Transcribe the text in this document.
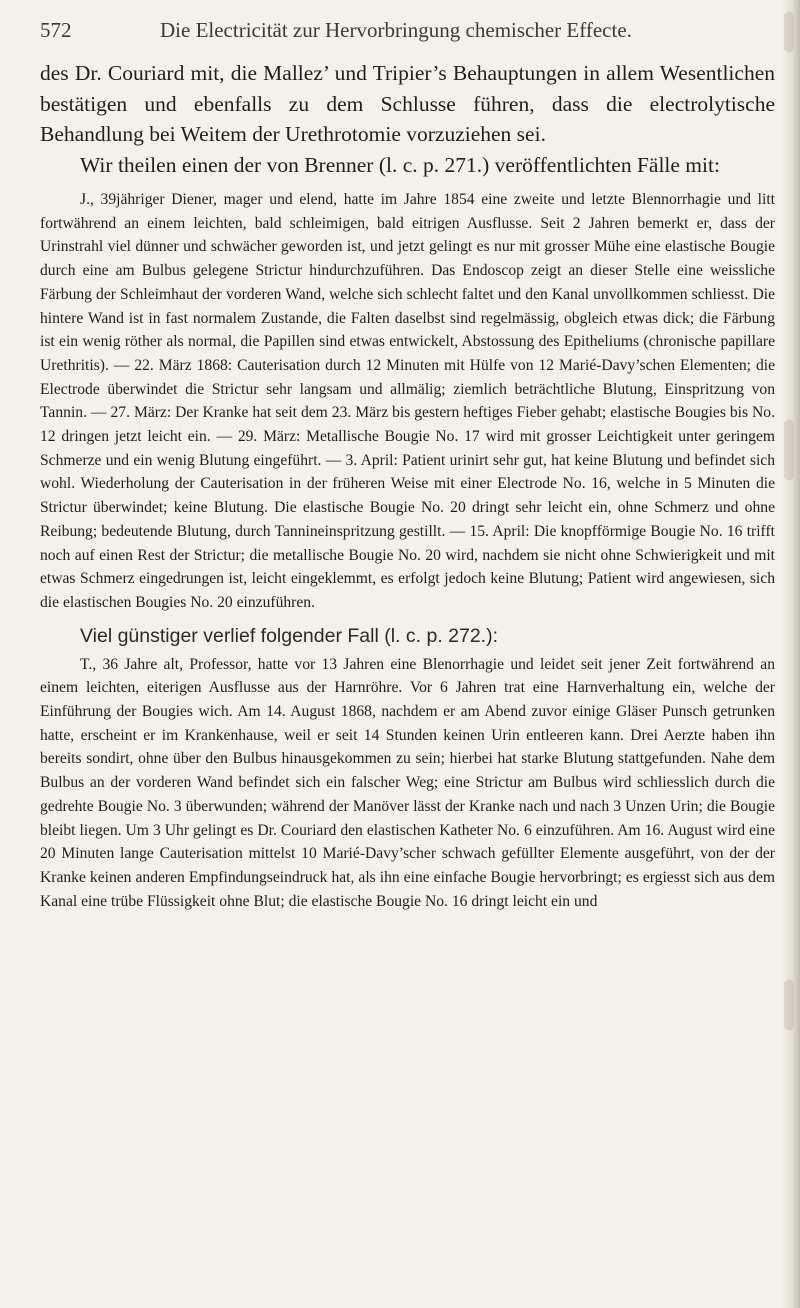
572	Die Electricität zur Hervorbringung chemischer Effecte.

des Dr. Couriard mit, die Mallez’ und Tripier’s Behauptungen in allem Wesentlichen bestätigen und ebenfalls zu dem Schlusse führen, dass die electrolytische Behandlung bei Weitem der Urethrotomie vorzuziehen sei.

Wir theilen einen der von Brenner (l. c. p. 271.) veröffentlichten Fälle mit:

J., 39jähriger Diener, mager und elend, hatte im Jahre 1854 eine zweite und letzte Blennorrhagie und litt fortwährend an einem leichten, bald schleimigen, bald eitrigen Ausflusse. Seit 2 Jahren bemerkt er, dass der Urinstrahl viel dünner und schwächer geworden ist, und jetzt gelingt es nur mit grosser Mühe eine elastische Bougie durch eine am Bulbus gelegene Strictur hindurchzuführen. Das Endoscop zeigt an dieser Stelle eine weissliche Färbung der Schleimhaut der vorderen Wand, welche sich schlecht faltet und den Kanal unvollkommen schliesst. Die hintere Wand ist in fast normalem Zustande, die Falten daselbst sind regelmässig, obgleich etwas dick; die Färbung ist ein wenig röther als normal, die Papillen sind etwas entwickelt, Abstossung des Epitheliums (chronische papillare Urethritis). — 22. März 1868: Cauterisation durch 12 Minuten mit Hülfe von 12 Marié-Davy’schen Elementen; die Electrode überwindet die Strictur sehr langsam und allmälig; ziemlich beträchtliche Blutung, Einspritzung von Tannin. — 27. März: Der Kranke hat seit dem 23. März bis gestern heftiges Fieber gehabt; elastische Bougies bis No. 12 dringen jetzt leicht ein. — 29. März: Metallische Bougie No. 17 wird mit grosser Leichtigkeit unter geringem Schmerze und ein wenig Blutung eingeführt. — 3. April: Patient urinirt sehr gut, hat keine Blutung und befindet sich wohl. Wiederholung der Cauterisation in der früheren Weise mit einer Electrode No. 16, welche in 5 Minuten die Strictur überwindet; keine Blutung. Die elastische Bougie No. 20 dringt sehr leicht ein, ohne Schmerz und ohne Reibung; bedeutende Blutung, durch Tannineinspritzung gestillt. — 15. April: Die knopfförmige Bougie No. 16 trifft noch auf einen Rest der Strictur; die metallische Bougie No. 20 wird, nachdem sie nicht ohne Schwierigkeit und mit etwas Schmerz eingedrungen ist, leicht eingeklemmt, es erfolgt jedoch keine Blutung; Patient wird angewiesen, sich die elastischen Bougies No. 20 einzuführen.

Viel günstiger verlief folgender Fall (l. c. p. 272.):

T., 36 Jahre alt, Professor, hatte vor 13 Jahren eine Blenorrhagie und leidet seit jener Zeit fortwährend an einem leichten, eiterigen Ausflusse aus der Harnröhre. Vor 6 Jahren trat eine Harnverhaltung ein, welche der Einführung der Bougies wich. Am 14. August 1868, nachdem er am Abend zuvor einige Gläser Punsch getrunken hatte, erscheint er im Krankenhause, weil er seit 14 Stunden keinen Urin entleeren kann. Drei Aerzte haben ihn bereits sondirt, ohne über den Bulbus hinausgekommen zu sein; hierbei hat starke Blutung stattgefunden. Nahe dem Bulbus an der vorderen Wand befindet sich ein falscher Weg; eine Strictur am Bulbus wird schliesslich durch die gedrehte Bougie No. 3 überwunden; während der Manöver lässt der Kranke nach und nach 3 Unzen Urin; die Bougie bleibt liegen. Um 3 Uhr gelingt es Dr. Couriard den elastischen Katheter No. 6 einzuführen. Am 16. August wird eine 20 Minuten lange Cauterisation mittelst 10 Marié-Davy’scher schwach gefüllter Elemente ausgeführt, von der der Kranke keinen anderen Empfindungseindruck hat, als ihn eine einfache Bougie hervorbringt; es ergiesst sich aus dem Kanal eine trübe Flüssigkeit ohne Blut; die elastische Bougie No. 16 dringt leicht ein und
